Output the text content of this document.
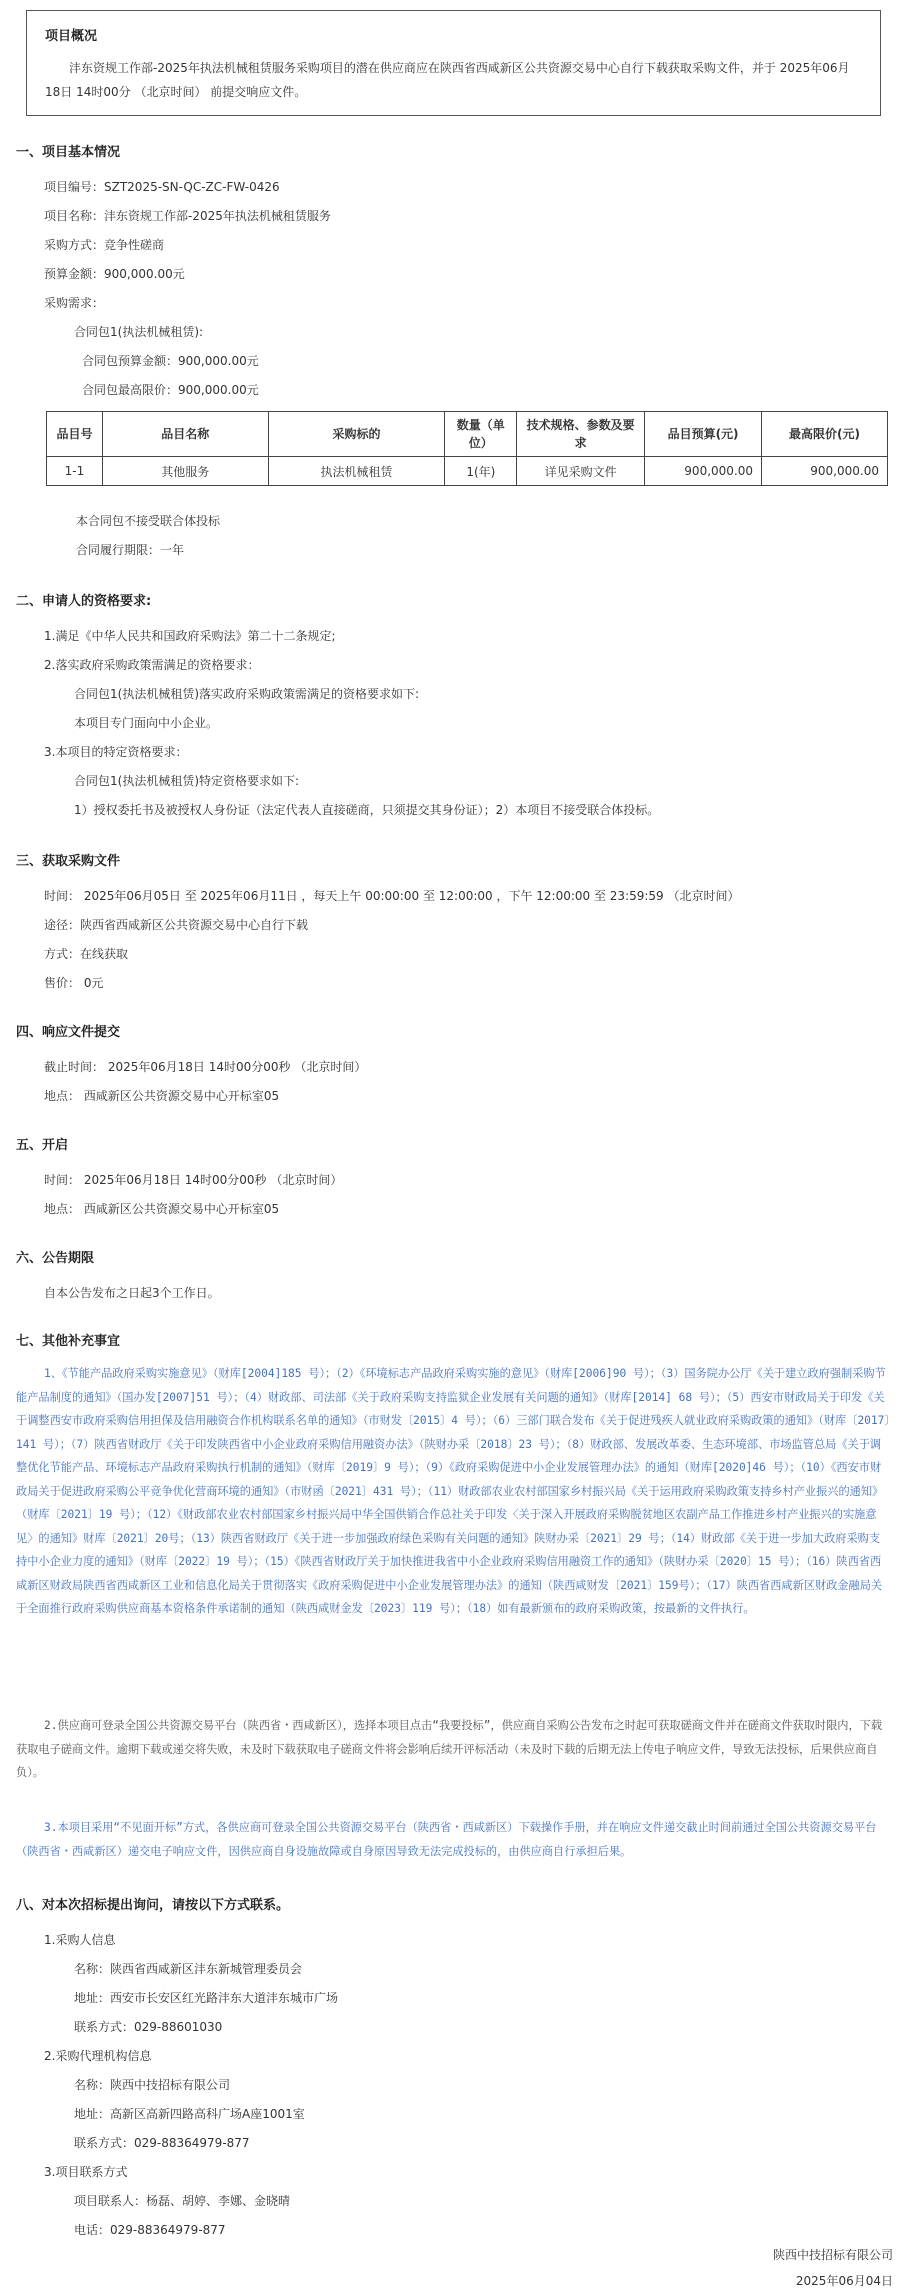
项目概况

沣东资规工作部-2025年执法机械租赁服务采购项目的潜在供应商应在陕西省西咸新区公共资源交易中心自行下载获取采购文件，并于 2025年06月18日 14时00分 （北京时间） 前提交响应文件。

一、项目基本情况
项目编号：SZT2025-SN-QC-ZC-FW-0426
项目名称：沣东资规工作部-2025年执法机械租赁服务
采购方式：竞争性磋商
预算金额：900,000.00元
采购需求：
合同包1(执法机械租赁):
合同包预算金额：900,000.00元
合同包最高限价：900,000.00元
品目号	品目名称	采购标的	数量（单位）	技术规格、参数及要求	品目预算(元)	最高限价(元)
1-1	其他服务	执法机械租赁	1(年)	详见采购文件	900,000.00	900,000.00
本合同包不接受联合体投标
合同履行期限：一年
二、申请人的资格要求:
1.满足《中华人民共和国政府采购法》第二十二条规定;
2.落实政府采购政策需满足的资格要求：
合同包1(执法机械租赁)落实政府采购政策需满足的资格要求如下:
本项目专门面向中小企业。
3.本项目的特定资格要求：
合同包1(执法机械租赁)特定资格要求如下:
1）授权委托书及被授权人身份证（法定代表人直接磋商，只须提交其身份证）；2）本项目不接受联合体投标。
三、获取采购文件
时间： 2025年06月05日 至 2025年06月11日 ，每天上午 00:00:00 至 12:00:00 ，下午 12:00:00 至 23:59:59 （北京时间）
途径：陕西省西咸新区公共资源交易中心自行下载
方式：在线获取
售价： 0元
四、响应文件提交
截止时间： 2025年06月18日 14时00分00秒 （北京时间）
地点： 西咸新区公共资源交易中心开标室05
五、开启
时间： 2025年06月18日 14时00分00秒 （北京时间）
地点： 西咸新区公共资源交易中心开标室05
六、公告期限
自本公告发布之日起3个工作日。
七、其他补充事宜

1、《节能产品政府采购实施意见》（财库[2004]185 号）；（2）《环境标志产品政府采购实施的意见》（财库[2006]90 号）；（3）国务院办公厅《关于建立政府强制采购节能产品制度的通知》（国办发[2007]51 号）；（4）财政部、司法部《关于政府采购支持监狱企业发展有关问题的通知》（财库[2014] 68 号）；（5）西安市财政局关于印发《关于调整西安市政府采购信用担保及信用融资合作机构联系名单的通知》（市财发〔2015〕4 号）；（6）三部门联合发布《关于促进残疾人就业政府采购政策的通知》（财库〔2017〕141 号）；（7）陕西省财政厅《关于印发陕西省中小企业政府采购信用融资办法》（陕财办采〔2018〕23 号）；（8）财政部、发展改革委、生态环境部、市场监管总局《关于调整优化节能产品、环境标志产品政府采购执行机制的通知》（财库〔2019〕9 号）；（9）《政府采购促进中小企业发展管理办法》的通知（财库[2020]46 号）；（10）《西安市财政局关于促进政府采购公平竞争优化营商环境的通知》（市财函〔2021〕431 号）；（11）财政部农业农村部国家乡村振兴局《关于运用政府采购政策支持乡村产业振兴的通知》（财库〔2021〕19 号）；（12）《财政部农业农村部国家乡村振兴局中华全国供销合作总社关于印发〈关于深入开展政府采购脱贫地区农副产品工作推进乡村产业振兴的实施意见〉的通知》财库〔2021〕20号；（13）陕西省财政厅《关于进一步加强政府绿色采购有关问题的通知》陕财办采〔2021〕29 号；（14）财政部《关于进一步加大政府采购支持中小企业力度的通知》（财库〔2022〕19 号）；（15）《陕西省财政厅关于加快推进我省中小企业政府采购信用融资工作的通知》（陕财办采〔2020〕15 号）；（16）陕西省西咸新区财政局陕西省西咸新区工业和信息化局关于贯彻落实《政府采购促进中小企业发展管理办法》的通知（陕西咸财发〔2021〕159号）；（17）陕西省西咸新区财政金融局关于全面推行政府采购供应商基本资格条件承诺制的通知（陕西咸财金发〔2023〕119 号）；（18）如有最新颁布的政府采购政策，按最新的文件执行。

2.供应商可登录全国公共资源交易平台（陕西省・西咸新区），选择本项目点击“我要投标”，供应商自采购公告发布之时起可获取磋商文件并在磋商文件获取时限内，下载获取电子磋商文件。逾期下载或递交将失败，未及时下载获取电子磋商文件将会影响后续开评标活动（未及时下载的后期无法上传电子响应文件，导致无法投标，后果供应商自负）。

3.本项目采用“不见面开标”方式，各供应商可登录全国公共资源交易平台（陕西省・西咸新区）下载操作手册，并在响应文件递交截止时间前通过全国公共资源交易平台（陕西省・西咸新区）递交电子响应文件，因供应商自身设施故障或自身原因导致无法完成投标的，由供应商自行承担后果。

八、对本次招标提出询问，请按以下方式联系。
1.采购人信息
名称：陕西省西咸新区沣东新城管理委员会
地址：西安市长安区红光路沣东大道沣东城市广场
联系方式：029-88601030
2.采购代理机构信息
名称：陕西中技招标有限公司
地址：高新区高新四路高科广场A座1001室
联系方式：029-88364979-877
3.项目联系方式
项目联系人：杨磊、胡婷、李娜、金晓晴
电话：029-88364979-877
陕西中技招标有限公司
2025年06月04日
